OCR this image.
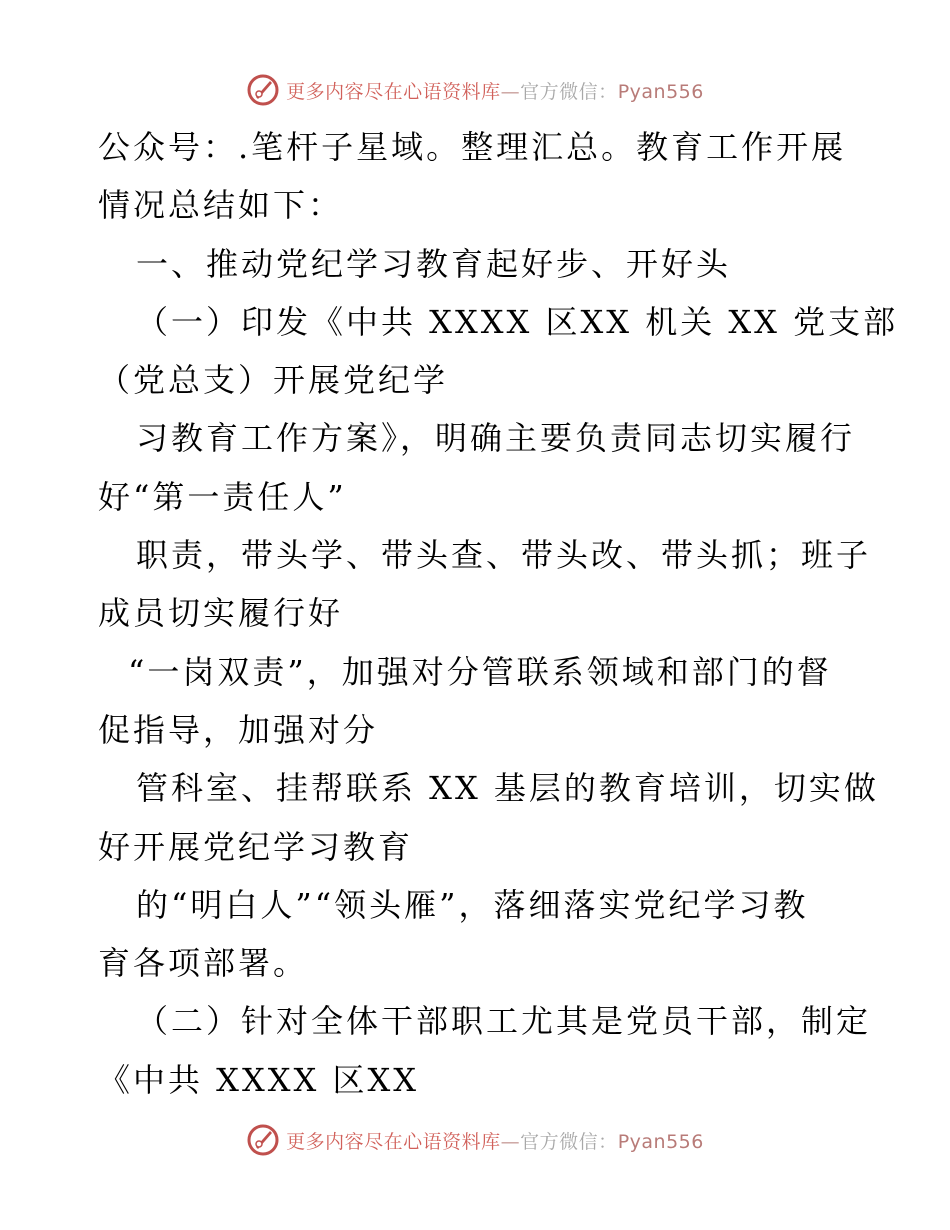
更多内容尽在心语资料库—官方微信：Pyan556
公众号：.笔杆子星域。整理汇总。教育工作开展
情况总结如下：
一、推动党纪学习教育起好步、开好头
（一）印发《中共 XXXX 区XX 机关 XX 党支部
（党总支）开展党纪学
习教育工作方案》，明确主要负责同志切实履行
好“第一责任人”
职责，带头学、带头查、带头改、带头抓；班子
成员切实履行好
“一岗双责”，加强对分管联系领域和部门的督
促指导，加强对分
管科室、挂帮联系 XX 基层的教育培训，切实做
好开展党纪学习教育
的“明白人”“领头雁”，落细落实党纪学习教
育各项部署。
（二）针对全体干部职工尤其是党员干部，制定
《中共 XXXX 区XX
更多内容尽在心语资料库—官方微信：Pyan556
